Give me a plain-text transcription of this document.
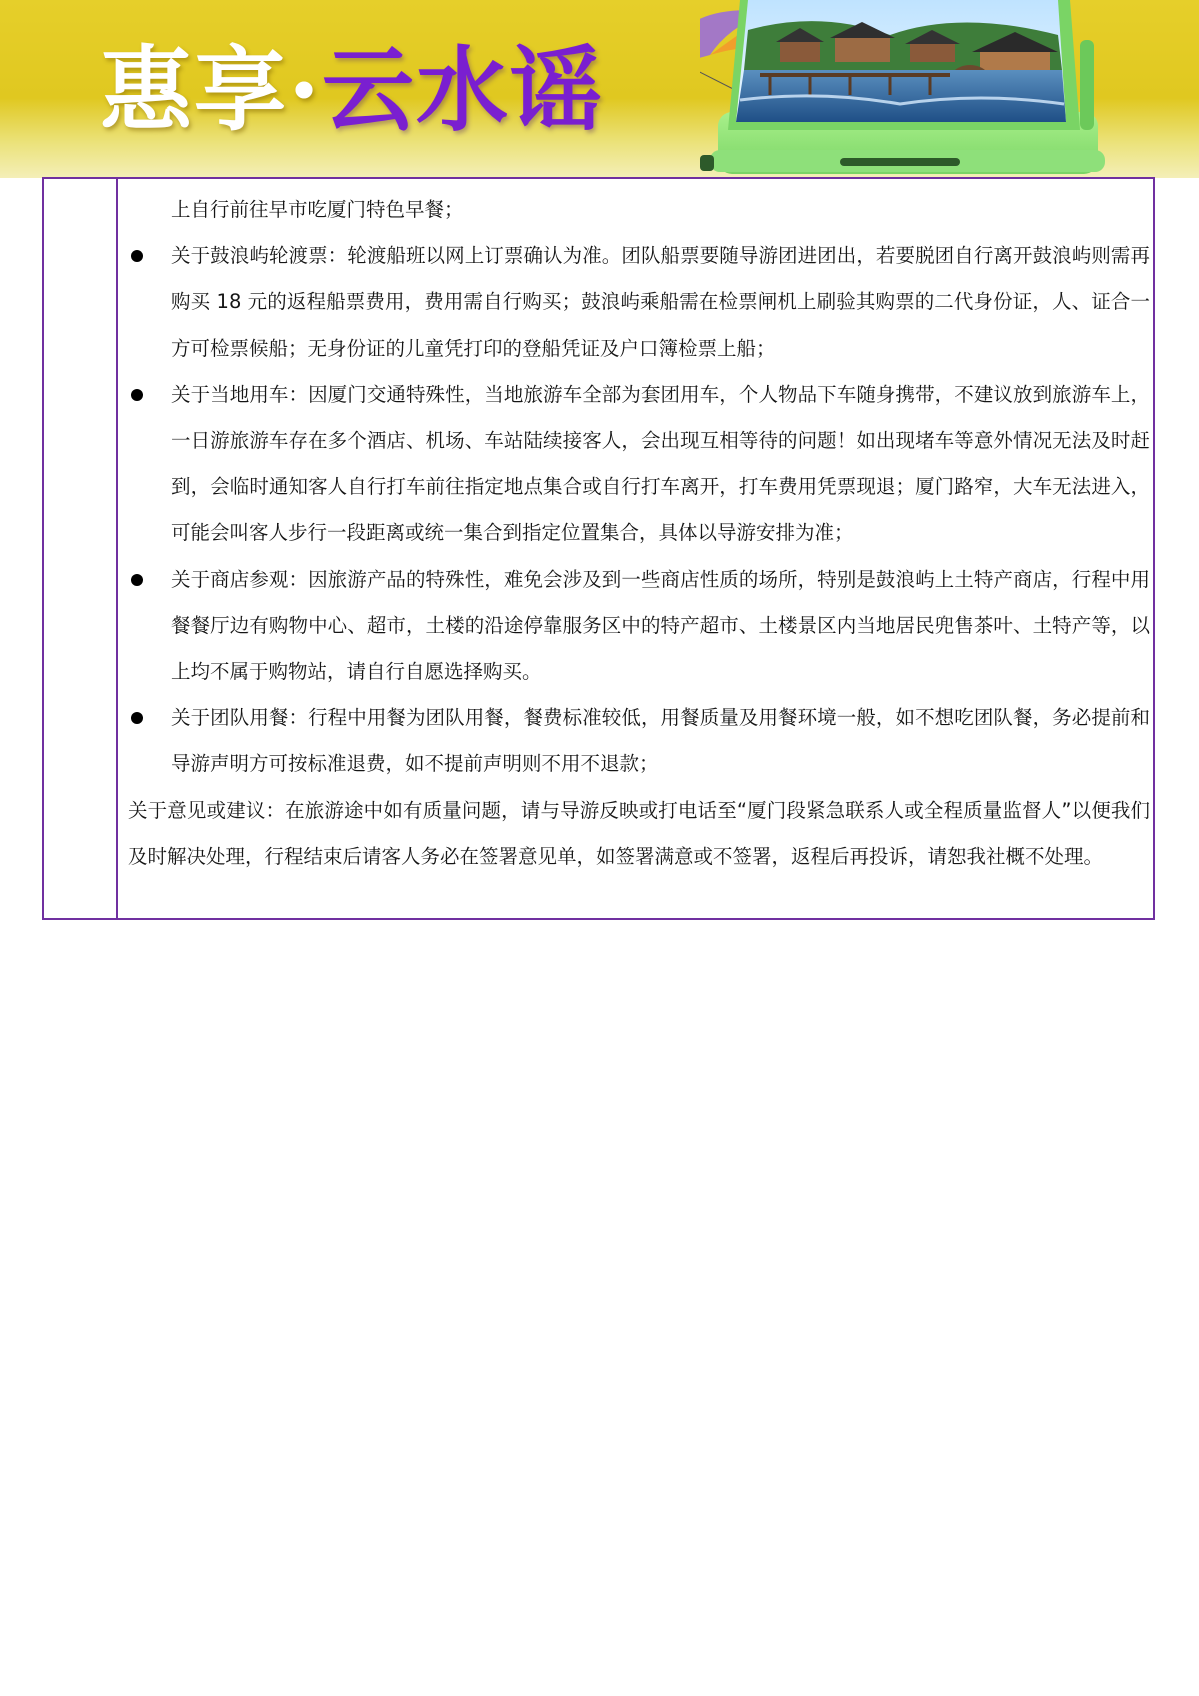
惠享·云水谣

上自行前往早市吃厦门特色早餐；

关于鼓浪屿轮渡票：轮渡船班以网上订票确认为准。团队船票要随导游团进团出，若要脱团自行离开鼓浪屿则需再购买 18 元的返程船票费用，费用需自行购买；鼓浪屿乘船需在检票闸机上刷验其购票的二代身份证，人、证合一方可检票候船；无身份证的儿童凭打印的登船凭证及户口簿检票上船；

关于当地用车：因厦门交通特殊性，当地旅游车全部为套团用车，个人物品下车随身携带，不建议放到旅游车上，一日游旅游车存在多个酒店、机场、车站陆续接客人，会出现互相等待的问题！如出现堵车等意外情况无法及时赶到，会临时通知客人自行打车前往指定地点集合或自行打车离开，打车费用凭票现退；厦门路窄，大车无法进入，可能会叫客人步行一段距离或统一集合到指定位置集合，具体以导游安排为准；

关于商店参观：因旅游产品的特殊性，难免会涉及到一些商店性质的场所，特别是鼓浪屿上土特产商店，行程中用餐餐厅边有购物中心、超市，土楼的沿途停靠服务区中的特产超市、土楼景区内当地居民兜售茶叶、土特产等，以上均不属于购物站，请自行自愿选择购买。

关于团队用餐：行程中用餐为团队用餐，餐费标准较低，用餐质量及用餐环境一般，如不想吃团队餐，务必提前和导游声明方可按标准退费，如不提前声明则不用不退款；

关于意见或建议：在旅游途中如有质量问题，请与导游反映或打电话至“厦门段紧急联系人或全程质量监督人”以便我们及时解决处理，行程结束后请客人务必在签署意见单，如签署满意或不签署，返程后再投诉，请恕我社概不处理。
